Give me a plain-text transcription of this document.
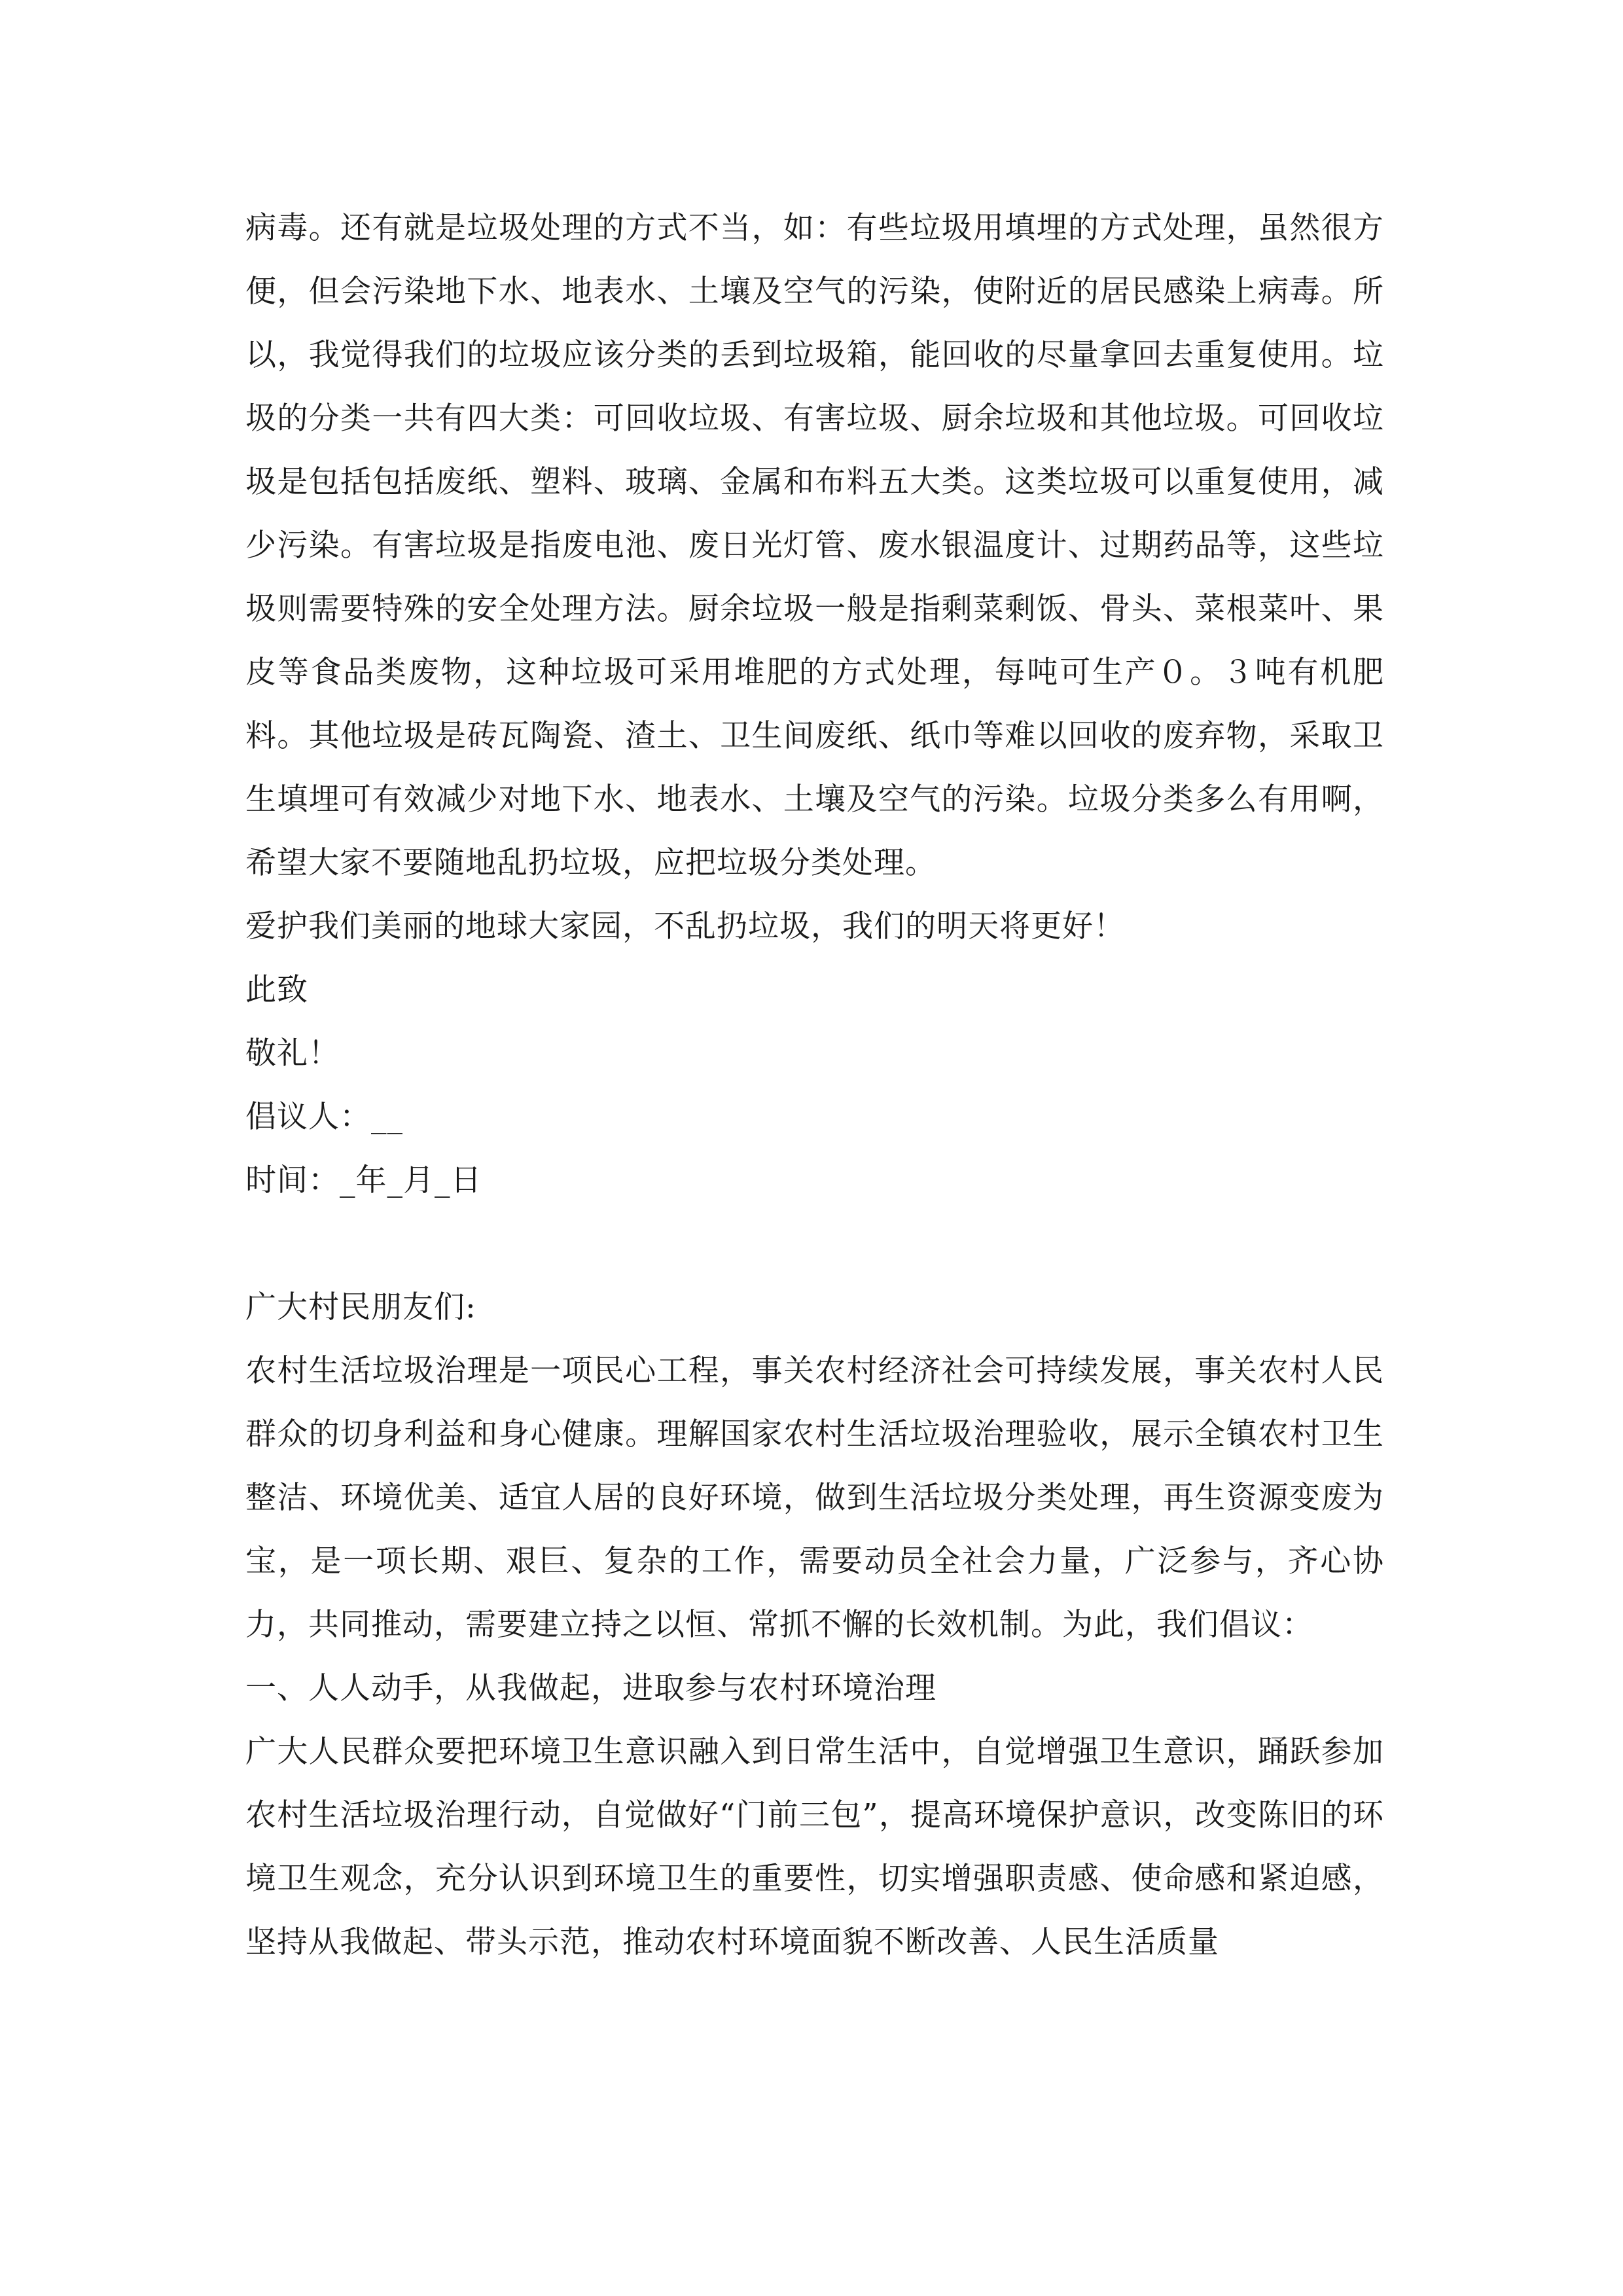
病毒。还有就是垃圾处理的方式不当，如：有些垃圾用填埋的方式处理，虽然很方便，但会污染地下水、地表水、土壤及空气的污染，使附近的居民感染上病毒。所以，我觉得我们的垃圾应该分类的丢到垃圾箱，能回收的尽量拿回去重复使用。垃圾的分类一共有四大类：可回收垃圾、有害垃圾、厨余垃圾和其他垃圾。可回收垃圾是包括包括废纸、塑料、玻璃、金属和布料五大类。这类垃圾可以重复使用，减少污染。有害垃圾是指废电池、废日光灯管、废水银温度计、过期药品等，这些垃圾则需要特殊的安全处理方法。厨余垃圾一般是指剩菜剩饭、骨头、菜根菜叶、果皮等食品类废物，这种垃圾可采用堆肥的方式处理，每吨可生产０。３吨有机肥料。其他垃圾是砖瓦陶瓷、渣土、卫生间废纸、纸巾等难以回收的废弃物，采取卫生填埋可有效减少对地下水、地表水、土壤及空气的污染。垃圾分类多么有用啊，希望大家不要随地乱扔垃圾，应把垃圾分类处理。

爱护我们美丽的地球大家园，不乱扔垃圾，我们的明天将更好！

此致

敬礼！

倡议人：__

时间：_年_月_日

广大村民朋友们:

农村生活垃圾治理是一项民心工程，事关农村经济社会可持续发展，事关农村人民群众的切身利益和身心健康。理解国家农村生活垃圾治理验收，展示全镇农村卫生整洁、环境优美、适宜人居的良好环境，做到生活垃圾分类处理，再生资源变废为宝，是一项长期、艰巨、复杂的工作，需要动员全社会力量，广泛参与，齐心协力，共同推动，需要建立持之以恒、常抓不懈的长效机制。为此，我们倡议：

一、人人动手，从我做起，进取参与农村环境治理

广大人民群众要把环境卫生意识融入到日常生活中，自觉增强卫生意识，踊跃参加农村生活垃圾治理行动，自觉做好“门前三包”，提高环境保护意识，改变陈旧的环境卫生观念，充分认识到环境卫生的重要性，切实增强职责感、使命感和紧迫感，坚持从我做起、带头示范，推动农村环境面貌不断改善、人民生活质量
